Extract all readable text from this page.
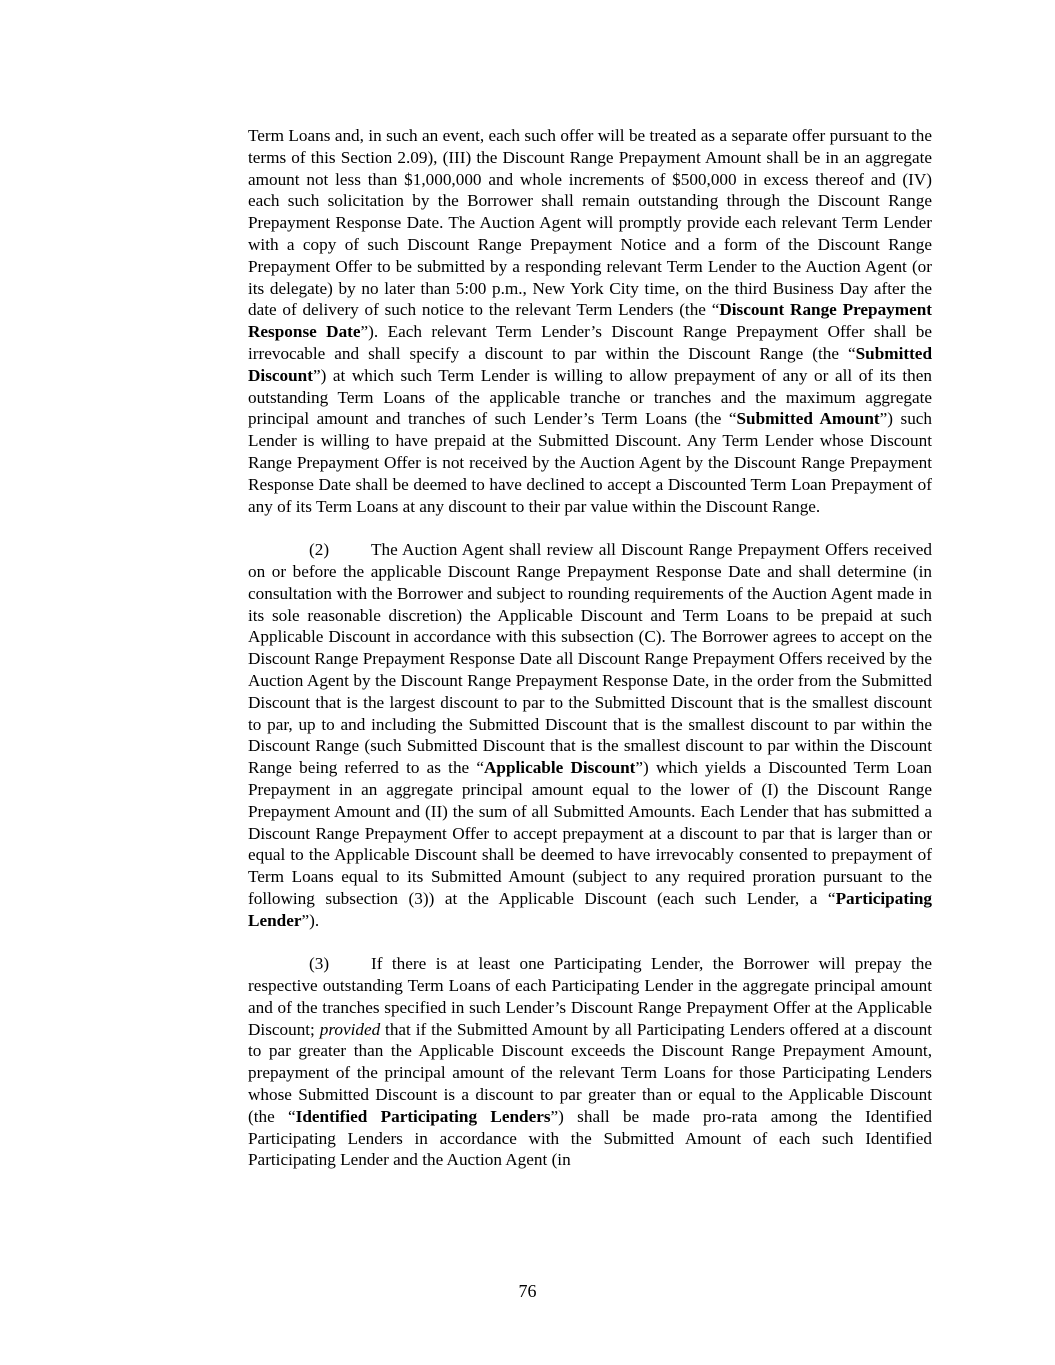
Term Loans and, in such an event, each such offer will be treated as a separate offer pursuant to the terms of this Section 2.09), (III) the Discount Range Prepayment Amount shall be in an aggregate amount not less than $1,000,000 and whole increments of $500,000 in excess thereof and (IV) each such solicitation by the Borrower shall remain outstanding through the Discount Range Prepayment Response Date. The Auction Agent will promptly provide each relevant Term Lender with a copy of such Discount Range Prepayment Notice and a form of the Discount Range Prepayment Offer to be submitted by a responding relevant Term Lender to the Auction Agent (or its delegate) by no later than 5:00 p.m., New York City time, on the third Business Day after the date of delivery of such notice to the relevant Term Lenders (the “Discount Range Prepayment Response Date”). Each relevant Term Lender’s Discount Range Prepayment Offer shall be irrevocable and shall specify a discount to par within the Discount Range (the “Submitted Discount”) at which such Term Lender is willing to allow prepayment of any or all of its then outstanding Term Loans of the applicable tranche or tranches and the maximum aggregate principal amount and tranches of such Lender’s Term Loans (the “Submitted Amount”) such Lender is willing to have prepaid at the Submitted Discount. Any Term Lender whose Discount Range Prepayment Offer is not received by the Auction Agent by the Discount Range Prepayment Response Date shall be deemed to have declined to accept a Discounted Term Loan Prepayment of any of its Term Loans at any discount to their par value within the Discount Range.

(2) The Auction Agent shall review all Discount Range Prepayment Offers received on or before the applicable Discount Range Prepayment Response Date and shall determine (in consultation with the Borrower and subject to rounding requirements of the Auction Agent made in its sole reasonable discretion) the Applicable Discount and Term Loans to be prepaid at such Applicable Discount in accordance with this subsection (C). The Borrower agrees to accept on the Discount Range Prepayment Response Date all Discount Range Prepayment Offers received by the Auction Agent by the Discount Range Prepayment Response Date, in the order from the Submitted Discount that is the largest discount to par to the Submitted Discount that is the smallest discount to par, up to and including the Submitted Discount that is the smallest discount to par within the Discount Range (such Submitted Discount that is the smallest discount to par within the Discount Range being referred to as the “Applicable Discount”) which yields a Discounted Term Loan Prepayment in an aggregate principal amount equal to the lower of (I) the Discount Range Prepayment Amount and (II) the sum of all Submitted Amounts. Each Lender that has submitted a Discount Range Prepayment Offer to accept prepayment at a discount to par that is larger than or equal to the Applicable Discount shall be deemed to have irrevocably consented to prepayment of Term Loans equal to its Submitted Amount (subject to any required proration pursuant to the following subsection (3)) at the Applicable Discount (each such Lender, a “Participating Lender”).

(3) If there is at least one Participating Lender, the Borrower will prepay the respective outstanding Term Loans of each Participating Lender in the aggregate principal amount and of the tranches specified in such Lender’s Discount Range Prepayment Offer at the Applicable Discount; provided that if the Submitted Amount by all Participating Lenders offered at a discount to par greater than the Applicable Discount exceeds the Discount Range Prepayment Amount, prepayment of the principal amount of the relevant Term Loans for those Participating Lenders whose Submitted Discount is a discount to par greater than or equal to the Applicable Discount (the “Identified Participating Lenders”) shall be made pro-rata among the Identified Participating Lenders in accordance with the Submitted Amount of each such Identified Participating Lender and the Auction Agent (in

76
